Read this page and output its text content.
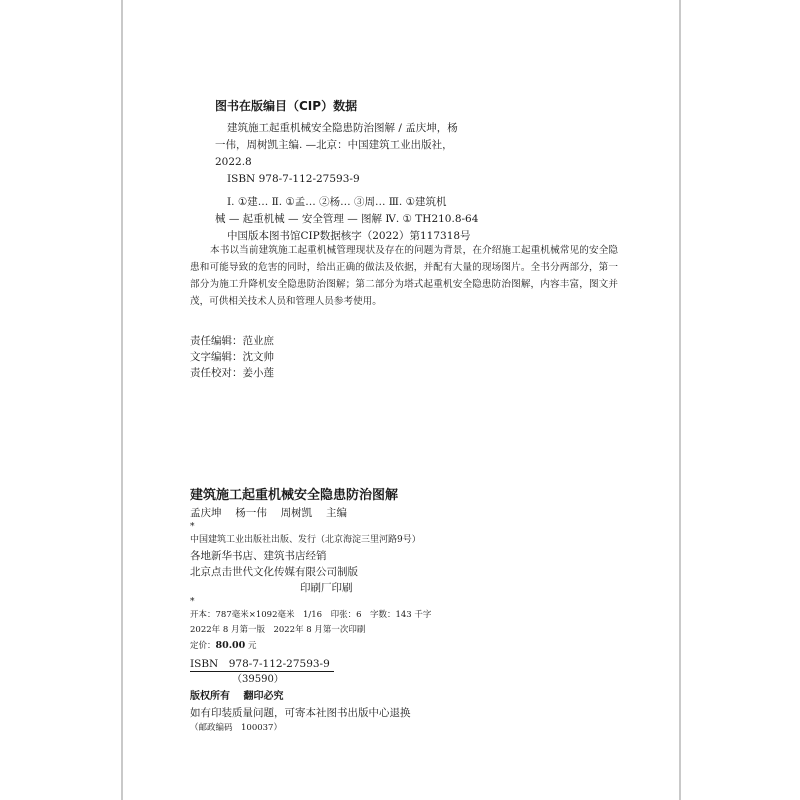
图书在版编目（CIP）数据
建筑施工起重机械安全隐患防治图解 / 孟庆坤，杨
一伟，周树凯主编. —北京：中国建筑工业出版社，
2022.8
ISBN 978-7-112-27593-9
Ⅰ. ①建… Ⅱ. ①孟… ②杨… ③周… Ⅲ. ①建筑机
械 — 起重机械 — 安全管理 — 图解 Ⅳ. ① TH210.8-64
中国版本图书馆CIP数据核字（2022）第117318号
本书以当前建筑施工起重机械管理现状及存在的问题为背景，在介绍施工起重机械常见的安全隐患和可能导致的危害的同时，给出正确的做法及依据，并配有大量的现场图片。全书分两部分，第一部分为施工升降机安全隐患防治图解；第二部分为塔式起重机安全隐患防治图解，内容丰富，图文并茂，可供相关技术人员和管理人员参考使用。
责任编辑：范业庶
文字编辑：沈文帅
责任校对：姜小莲
建筑施工起重机械安全隐患防治图解
孟庆坤　 杨一伟　 周树凯　 主编
*
中国建筑工业出版社出版、发行（北京海淀三里河路9号）
各地新华书店、建筑书店经销
北京点击世代文化传媒有限公司制版
印刷厂印刷
*
开本：787毫米×1092毫米　1/16　印张：6　字数：143 千字
2022年 8 月第一版　2022年 8 月第一次印刷
定价：80.00 元
ISBN　978-7-112-27593-9
（39590）
版权所有　 翻印必究
如有印装质量问题，可寄本社图书出版中心退换
（邮政编码　100037）
